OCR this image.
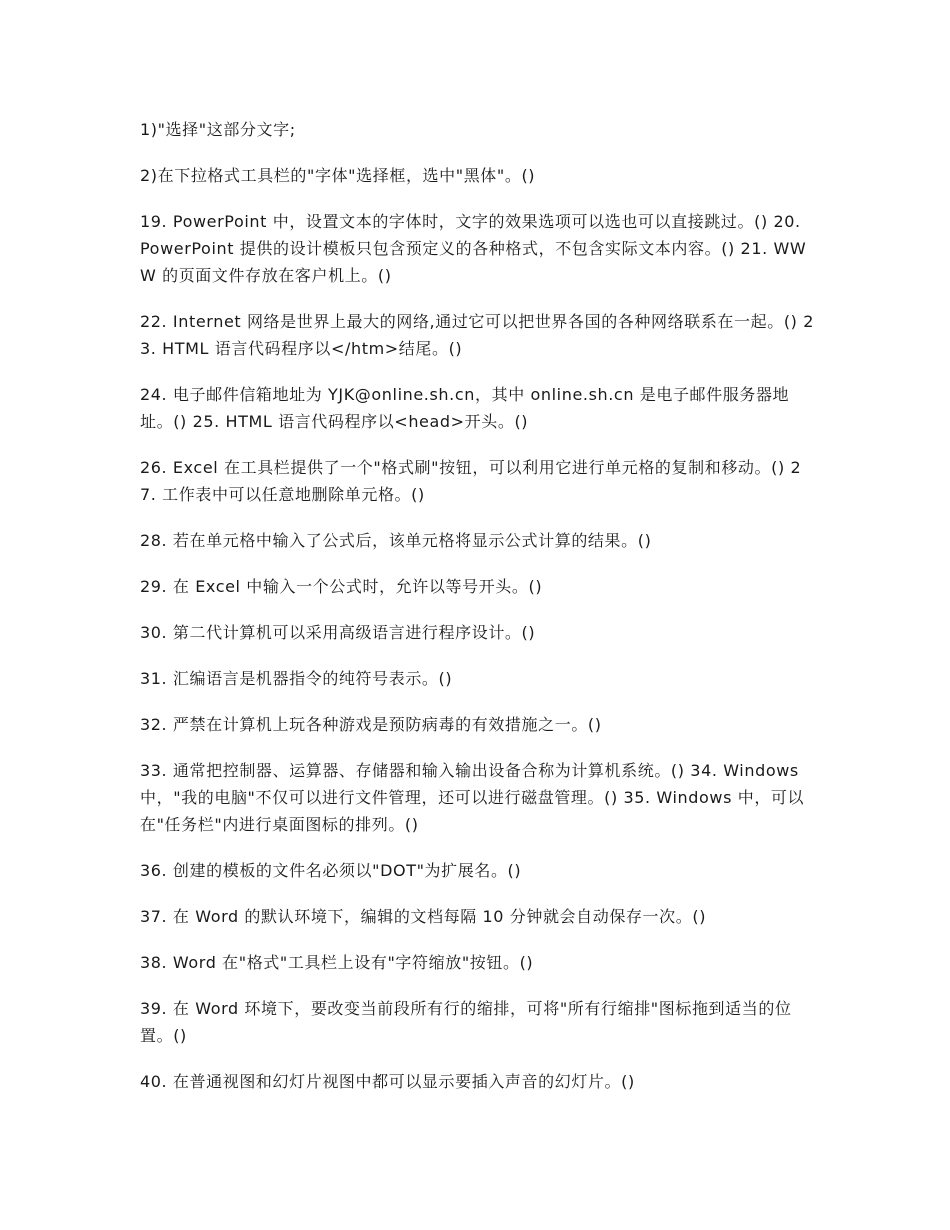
1)"选择"这部分文字;

2)在下拉格式工具栏的"字体"选择框，选中"黑体"。()

19. PowerPoint 中，设置文本的字体时，文字的效果选项可以选也可以直接跳过。() 20. PowerPoint 提供的设计模板只包含预定义的各种格式，不包含实际文本内容。() 21. WWW 的页面文件存放在客户机上。()

22. Internet 网络是世界上最大的网络,通过它可以把世界各国的各种网络联系在一起。() 23. HTML 语言代码程序以</htm>结尾。()

24. 电子邮件信箱地址为 YJK@online.sh.cn，其中 online.sh.cn 是电子邮件服务器地址。() 25. HTML 语言代码程序以<head>开头。()

26. Excel 在工具栏提供了一个"格式刷"按钮，可以利用它进行单元格的复制和移动。() 27. 工作表中可以任意地删除单元格。()

28. 若在单元格中输入了公式后，该单元格将显示公式计算的结果。()

29. 在 Excel 中输入一个公式时，允许以等号开头。()

30. 第二代计算机可以采用高级语言进行程序设计。()

31. 汇编语言是机器指令的纯符号表示。()

32. 严禁在计算机上玩各种游戏是预防病毒的有效措施之一。()

33. 通常把控制器、运算器、存储器和输入输出设备合称为计算机系统。() 34. Windows 中，"我的电脑"不仅可以进行文件管理，还可以进行磁盘管理。() 35. Windows 中，可以在"任务栏"内进行桌面图标的排列。()

36. 创建的模板的文件名必须以"DOT"为扩展名。()

37. 在 Word 的默认环境下，编辑的文档每隔 10 分钟就会自动保存一次。()

38. Word 在"格式"工具栏上设有"字符缩放"按钮。()

39. 在 Word 环境下，要改变当前段所有行的缩排，可将"所有行缩排"图标拖到适当的位置。()

40. 在普通视图和幻灯片视图中都可以显示要插入声音的幻灯片。()
